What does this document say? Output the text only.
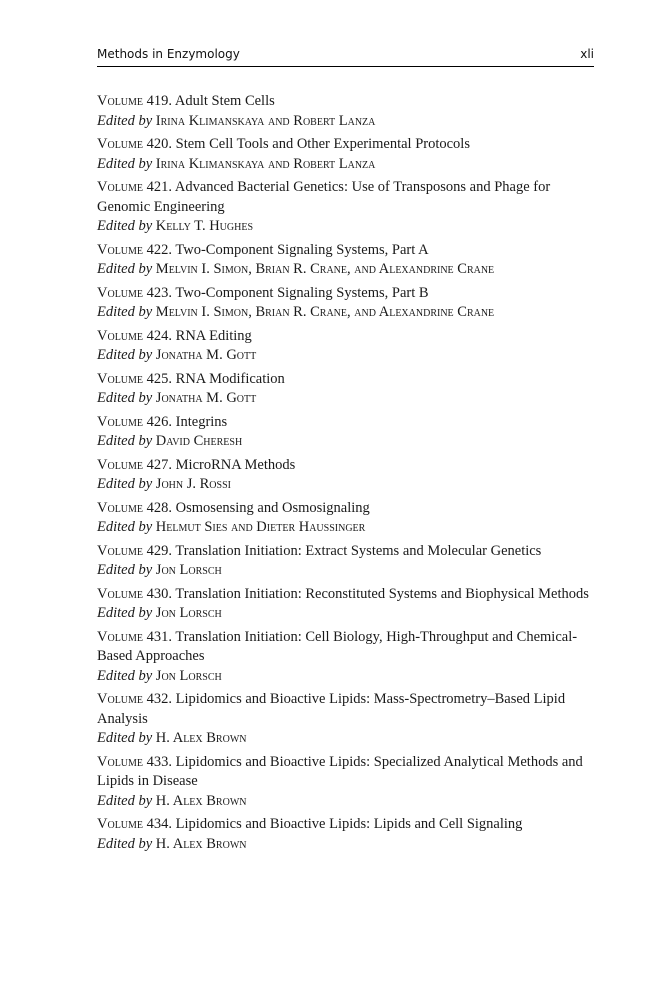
Methods in Enzymology	xli
Volume 419. Adult Stem Cells
Edited by Irina Klimanskaya and Robert Lanza
Volume 420. Stem Cell Tools and Other Experimental Protocols
Edited by Irina Klimanskaya and Robert Lanza
Volume 421. Advanced Bacterial Genetics: Use of Transposons and Phage for Genomic Engineering
Edited by Kelly T. Hughes
Volume 422. Two-Component Signaling Systems, Part A
Edited by Melvin I. Simon, Brian R. Crane, and Alexandrine Crane
Volume 423. Two-Component Signaling Systems, Part B
Edited by Melvin I. Simon, Brian R. Crane, and Alexandrine Crane
Volume 424. RNA Editing
Edited by Jonatha M. Gott
Volume 425. RNA Modification
Edited by Jonatha M. Gott
Volume 426. Integrins
Edited by David Cheresh
Volume 427. MicroRNA Methods
Edited by John J. Rossi
Volume 428. Osmosensing and Osmosignaling
Edited by Helmut Sies and Dieter Haussinger
Volume 429. Translation Initiation: Extract Systems and Molecular Genetics
Edited by Jon Lorsch
Volume 430. Translation Initiation: Reconstituted Systems and Biophysical Methods
Edited by Jon Lorsch
Volume 431. Translation Initiation: Cell Biology, High-Throughput and Chemical-Based Approaches
Edited by Jon Lorsch
Volume 432. Lipidomics and Bioactive Lipids: Mass-Spectrometry–Based Lipid Analysis
Edited by H. Alex Brown
Volume 433. Lipidomics and Bioactive Lipids: Specialized Analytical Methods and Lipids in Disease
Edited by H. Alex Brown
Volume 434. Lipidomics and Bioactive Lipids: Lipids and Cell Signaling
Edited by H. Alex Brown
